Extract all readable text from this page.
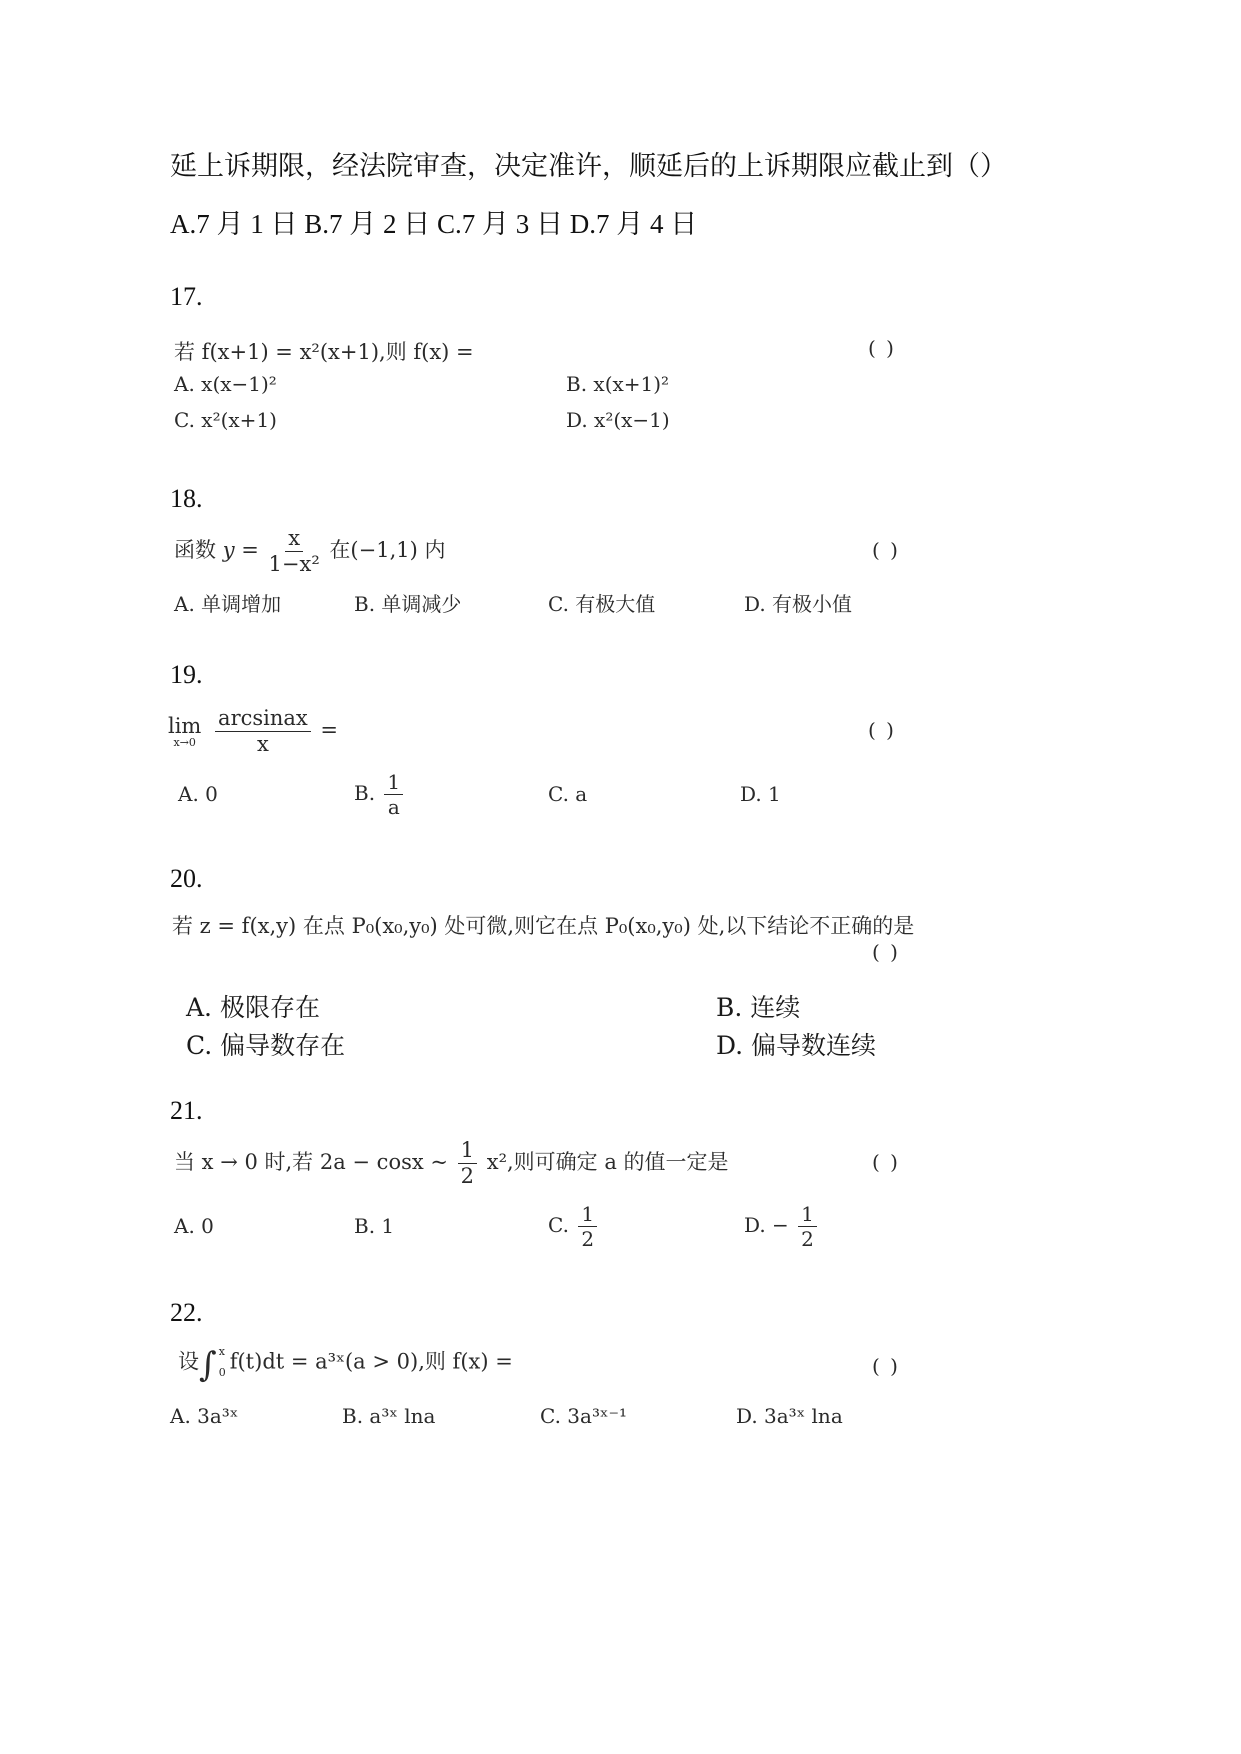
延上诉期限，经法院审查，决定准许，顺延后的上诉期限应截止到（）
A.7 月 1 日 B.7 月 2 日 C.7 月 3 日 D.7 月 4 日
17.
若 f(x+1) = x²(x+1),则 f(x) =	( )
A. x(x−1)²	B. x(x+1)²
C. x²(x+1)	D. x²(x−1)
18.
函数 $y = \frac{x}{\text{1−x²}}$ 在(−1,1) 内	( )
A. 单调增加	B. 单调减少	C. 有极大值	D. 有极小值
19.
lim
x→0
$\frac{\text{arcsinax}}{x}$ =	( )
A. 0	B. $\frac{1}{a}$	C. a	D. 1
20.
若 z = f(x,y) 在点 P₀(x₀,y₀) 处可微,则它在点 P₀(x₀,y₀) 处,以下结论不正确的是
( )
A. 极限存在	B. 连续
C. 偏导数存在	D. 偏导数连续
21.
当 x → 0 时,若 2a − cosx ~ $\frac{1}{2} x^2$,则可确定 a 的值一定是	( )
A. 0	B. 1	C. $\frac{1}{2}$	D. − $\frac{1}{2}$
22.
设∫ x
0 f(t)dt = a³ˣ(a > 0),则 f(x) =	( )
A. 3a³ˣ	B. a³ˣ lna	C. 3a³ˣ⁻¹	D. 3a³ˣ lna
